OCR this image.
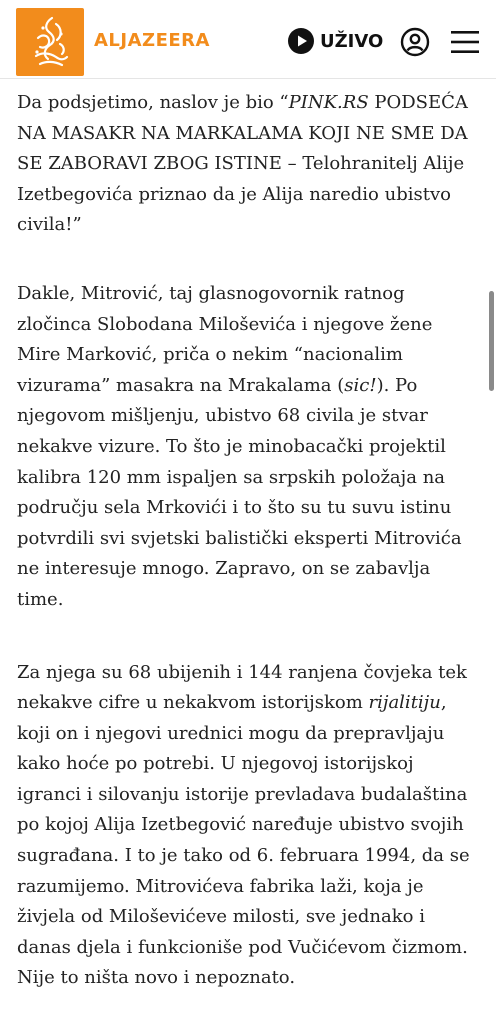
ALJAZEERA	UŽIVO

Da podsjetimo, naslov je bio “PINK.RS PODSEĆA NA MASAKR NA MARKALAMA KOJI NE SME DA SE ZABORAVI ZBOG ISTINE – Telohranitelj Alije Izetbegovića priznao da je Alija naredio ubistvo civila!”

Dakle, Mitrović, taj glasnogovornik ratnog zločinca Slobodana Miloševića i njegove žene Mire Marković, priča o nekim “nacionalim vizurama” masakra na Mrakalama (sic!). Po njegovom mišljenju, ubistvo 68 civila je stvar nekakve vizure. To što je minobacački projektil kalibra 120 mm ispaljen sa srpskih položaja na području sela Mrkovići i to što su tu suvu istinu potvrdili svi svjetski balistički eksperti Mitrovića ne interesuje mnogo. Zapravo, on se zabavlja time.

Za njega su 68 ubijenih i 144 ranjena čovjeka tek nekakve cifre u nekakvom istorijskom rijalitiju, koji on i njegovi urednici mogu da prepravljaju kako hoće po potrebi. U njegovoj istorijskoj igranci i silovanju istorije prevladava budalaština po kojoj Alija Izetbegović naređuje ubistvo svojih sugrađana. I to je tako od 6. februara 1994, da se razumijemo. Mitrovićeva fabrika laži, koja je živjela od Miloševićeve milosti, sve jednako i danas djela i funkcioniše pod Vučićevom čizmom. Nije to ništa novo i nepoznato.
